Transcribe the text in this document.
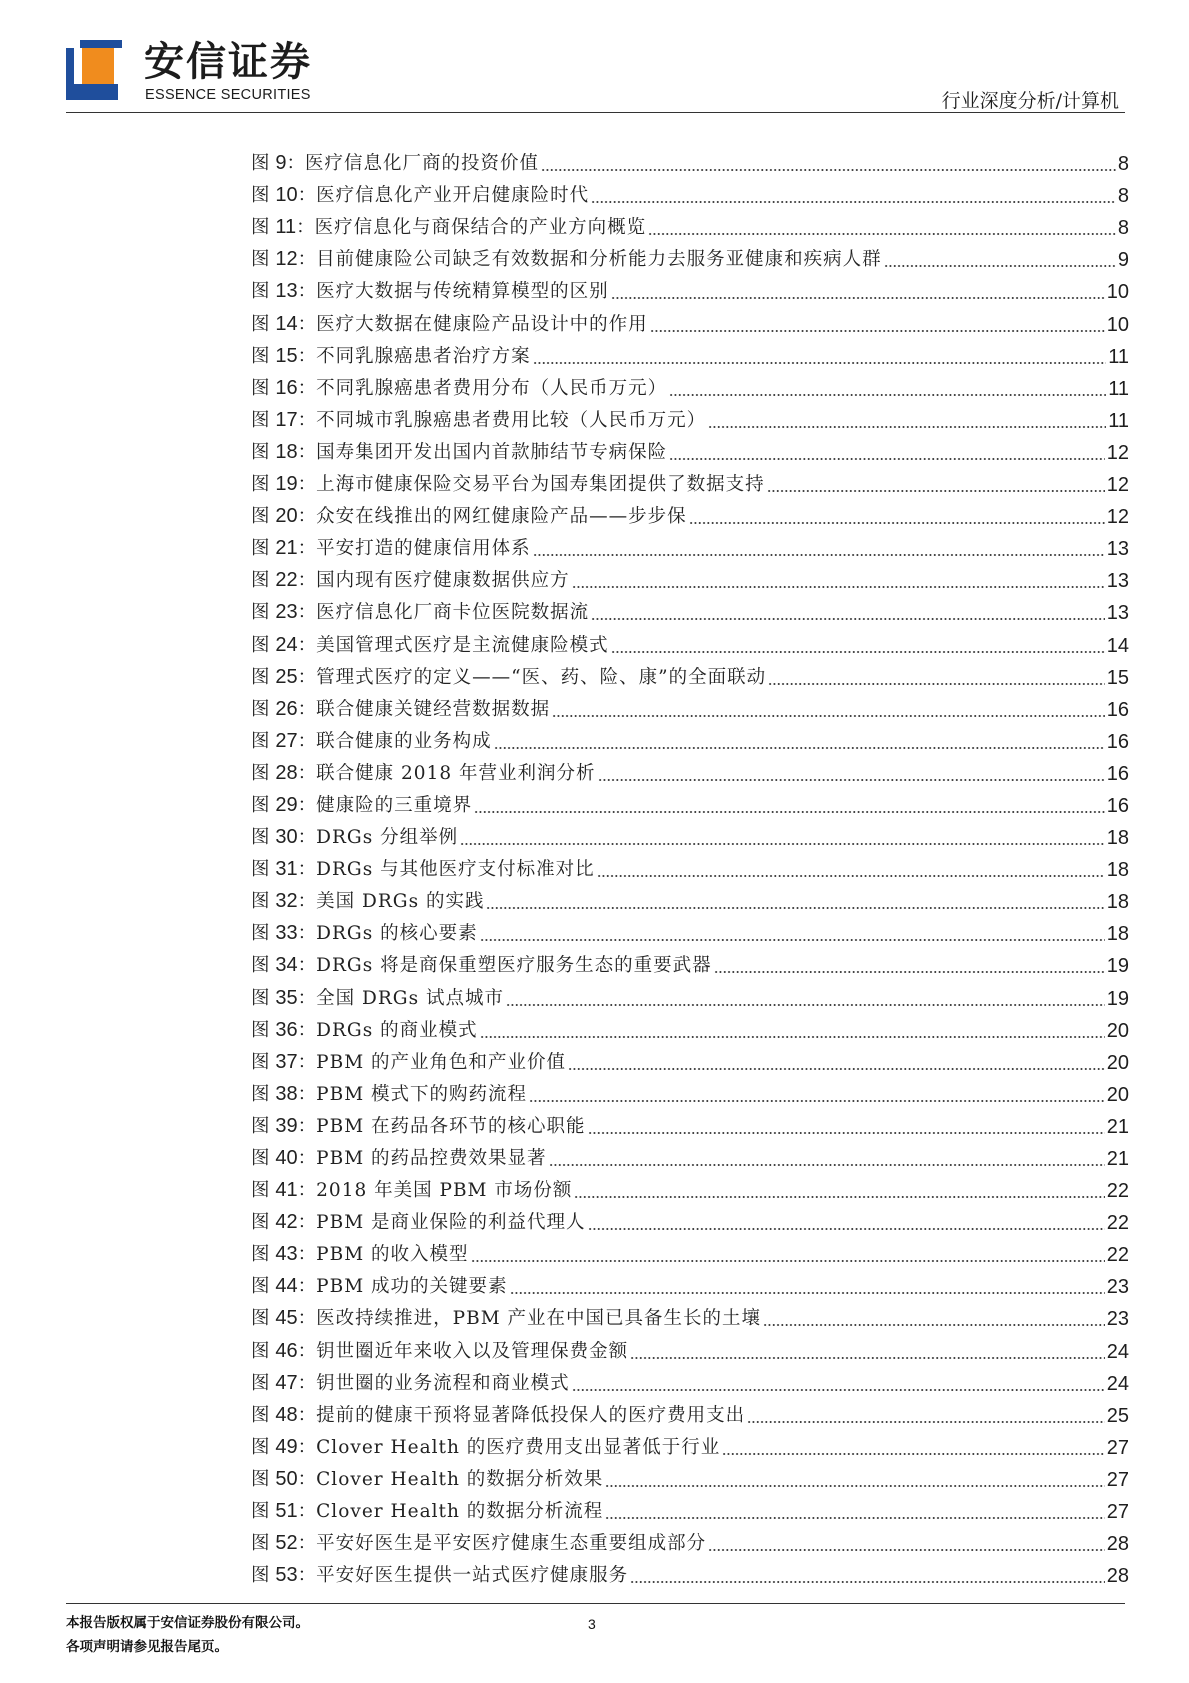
安信证券
ESSENCE SECURITIES	行业深度分析/计算机
图 9： 医疗信息化厂商的投资价值	8
图 10： 医疗信息化产业开启健康险时代	8
图 11： 医疗信息化与商保结合的产业方向概览	8
图 12： 目前健康险公司缺乏有效数据和分析能力去服务亚健康和疾病人群	9
图 13： 医疗大数据与传统精算模型的区别	10
图 14： 医疗大数据在健康险产品设计中的作用	10
图 15： 不同乳腺癌患者治疗方案	11
图 16： 不同乳腺癌患者费用分布（人民币万元）	11
图 17： 不同城市乳腺癌患者费用比较（人民币万元）	11
图 18： 国寿集团开发出国内首款肺结节专病保险	12
图 19： 上海市健康保险交易平台为国寿集团提供了数据支持	12
图 20： 众安在线推出的网红健康险产品——步步保	12
图 21： 平安打造的健康信用体系	13
图 22： 国内现有医疗健康数据供应方	13
图 23： 医疗信息化厂商卡位医院数据流	13
图 24： 美国管理式医疗是主流健康险模式	14
图 25： 管理式医疗的定义——“医、药、险、康”的全面联动	15
图 26： 联合健康关键经营数据数据	16
图 27： 联合健康的业务构成	16
图 28： 联合健康 2018 年营业利润分析	16
图 29： 健康险的三重境界	16
图 30： DRGs 分组举例	18
图 31： DRGs 与其他医疗支付标准对比	18
图 32： 美国 DRGs 的实践	18
图 33： DRGs 的核心要素	18
图 34： DRGs 将是商保重塑医疗服务生态的重要武器	19
图 35： 全国 DRGs 试点城市	19
图 36： DRGs 的商业模式	20
图 37： PBM 的产业角色和产业价值	20
图 38： PBM 模式下的购药流程	20
图 39： PBM 在药品各环节的核心职能	21
图 40： PBM 的药品控费效果显著	21
图 41： 2018 年美国 PBM 市场份额	22
图 42： PBM 是商业保险的利益代理人	22
图 43： PBM 的收入模型	22
图 44： PBM 成功的关键要素	23
图 45： 医改持续推进，PBM 产业在中国已具备生长的土壤	23
图 46： 钥世圈近年来收入以及管理保费金额	24
图 47： 钥世圈的业务流程和商业模式	24
图 48： 提前的健康干预将显著降低投保人的医疗费用支出	25
图 49： Clover Health 的医疗费用支出显著低于行业	27
图 50： Clover Health 的数据分析效果	27
图 51： Clover Health 的数据分析流程	27
图 52： 平安好医生是平安医疗健康生态重要组成部分	28
图 53： 平安好医生提供一站式医疗健康服务	28
本报告版权属于安信证券股份有限公司。
各项声明请参见报告尾页。
3
